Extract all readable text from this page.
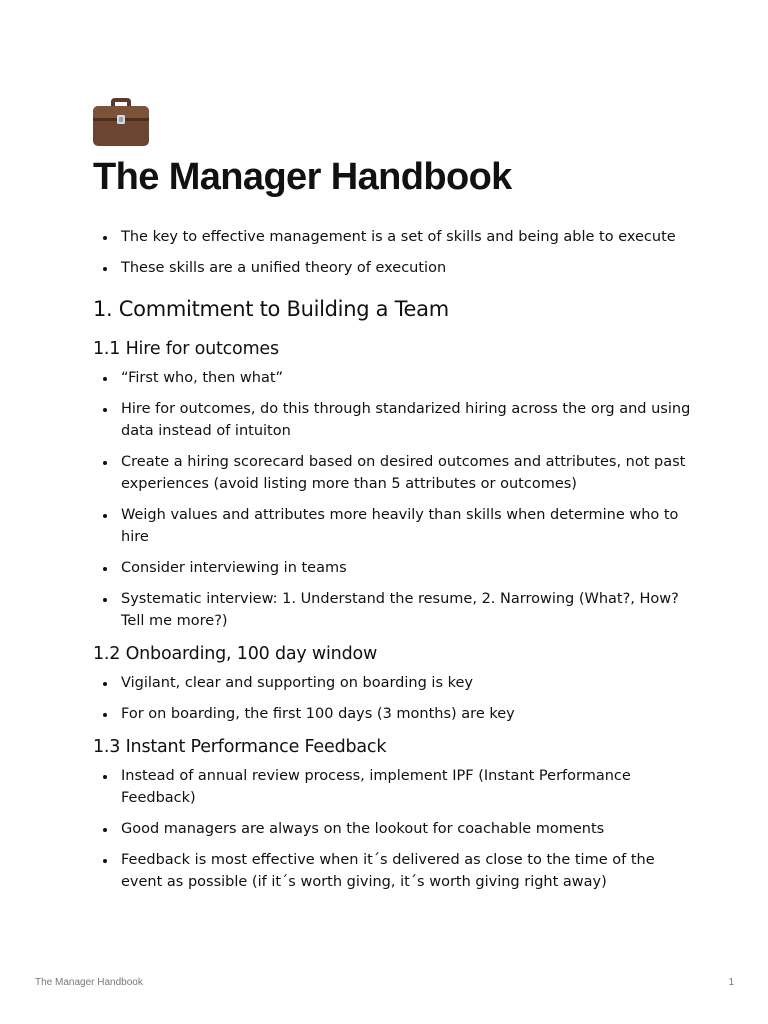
The Manager Handbook
The key to effective management is a set of skills and being able to execute
These skills are a unified theory of execution
1. Commitment to Building a Team
1.1 Hire for outcomes
“First who, then what”
Hire for outcomes, do this through standarized hiring across the org and using data instead of intuiton
Create a hiring scorecard based on desired outcomes and attributes, not past experiences (avoid listing more than 5 attributes or outcomes)
Weigh values and attributes more heavily than skills when determine who to hire
Consider interviewing in teams
Systematic interview: 1. Understand the resume, 2. Narrowing (What?, How? Tell me more?)
1.2 Onboarding, 100 day window
Vigilant, clear and supporting on boarding is key
For on boarding, the first 100 days (3 months) are key
1.3 Instant Performance Feedback
Instead of annual review process, implement IPF (Instant Performance Feedback)
Good managers are always on the lookout for coachable moments
Feedback is most effective when it´s delivered as close to the time of the event as possible (if it´s worth giving, it´s worth giving right away)
The Manager Handbook	1
